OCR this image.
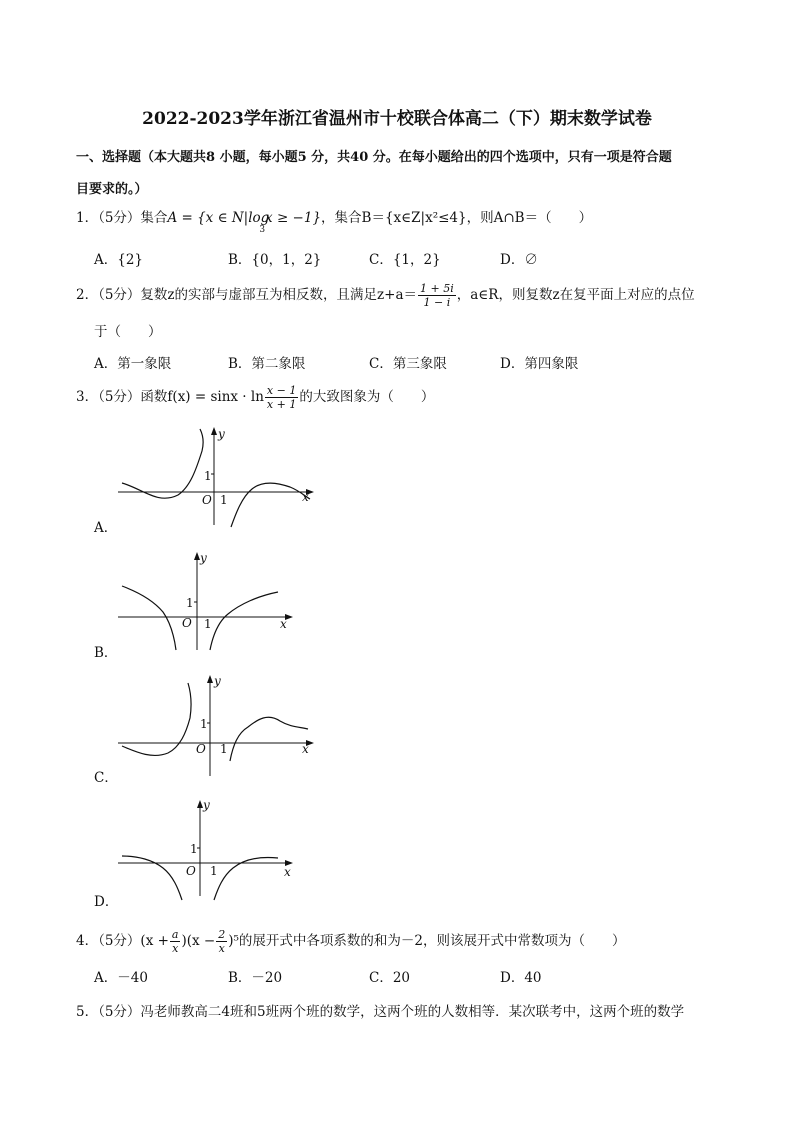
2022-2023学年浙江省温州市十校联合体高二（下）期末数学试卷
一、选择题（本大题共8 小题，每小题5 分，共40 分。在每小题给出的四个选项中，只有一项是符合题
目要求的。）
1．（5分）集合A = {x ∈ $N|\log_3x \ge -1$}，集合B＝{x∈Z|x²≤4}，则A∩B＝（　　）
A．{2}	B．{0，1，2}	C．{1，2}	D．∅
2．（5分）复数z的实部与虚部互为相反数，且满足$z+a= \frac{1 + 5i}{1 - i}$ ，a∈R，则复数z在复平面上对应的点位
于（　　）
A．第一象限	B．第二象限	C．第三象限	D．第四象限
3．（5分）函数$f(x) = \sin x \cdot \ln \frac{x - 1}{x + 1}$ 的大致图象为（　　）
y
x
O
1
1
A．
y
x
O
1
1
B．
y
x
O
1
1
C．
y
x
O
1
1
D．
4．（5分）$(x + \frac{a}{x} )(x - \frac{2}{x} )^5$的展开式中各项系数的和为－2，则该展开式中常数项为（　　）
A．－40	B．－20	C．20	D．40
5．（5分）冯老师教高二4班和5班两个班的数学，这两个班的人数相等．某次联考中，这两个班的数学
